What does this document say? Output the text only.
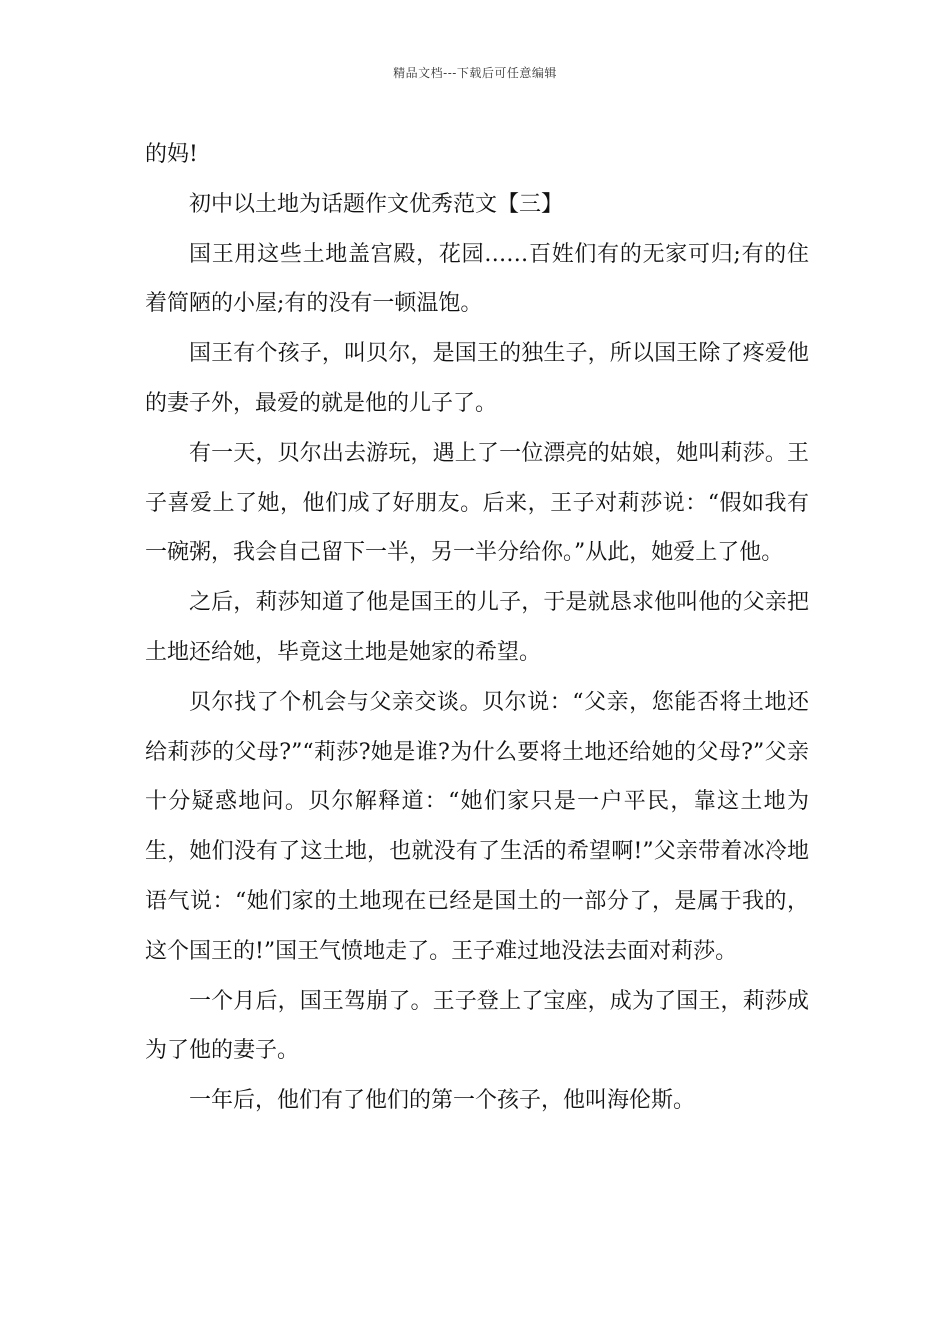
精品文档---下载后可任意编辑

的妈!

初中以土地为话题作文优秀范文【三】

国王用这些土地盖宫殿，花园……百姓们有的无家可归;有的住着简陋的小屋;有的没有一顿温饱。

国王有个孩子，叫贝尔，是国王的独生子，所以国王除了疼爱他的妻子外，最爱的就是他的儿子了。

有一天，贝尔出去游玩，遇上了一位漂亮的姑娘，她叫莉莎。王子喜爱上了她，他们成了好朋友。后来，王子对莉莎说：“假如我有一碗粥，我会自己留下一半，另一半分给你。”从此，她爱上了他。

之后，莉莎知道了他是国王的儿子，于是就恳求他叫他的父亲把土地还给她，毕竟这土地是她家的希望。

贝尔找了个机会与父亲交谈。贝尔说：“父亲，您能否将土地还给莉莎的父母?”“莉莎?她是谁?为什么要将土地还给她的父母?”父亲十分疑惑地问。贝尔解释道：“她们家只是一户平民，靠这土地为生，她们没有了这土地，也就没有了生活的希望啊!”父亲带着冰冷地语气说：“她们家的土地现在已经是国土的一部分了，是属于我的，这个国王的!”国王气愤地走了。王子难过地没法去面对莉莎。

一个月后，国王驾崩了。王子登上了宝座，成为了国王，莉莎成为了他的妻子。

一年后，他们有了他们的第一个孩子，他叫海伦斯。
